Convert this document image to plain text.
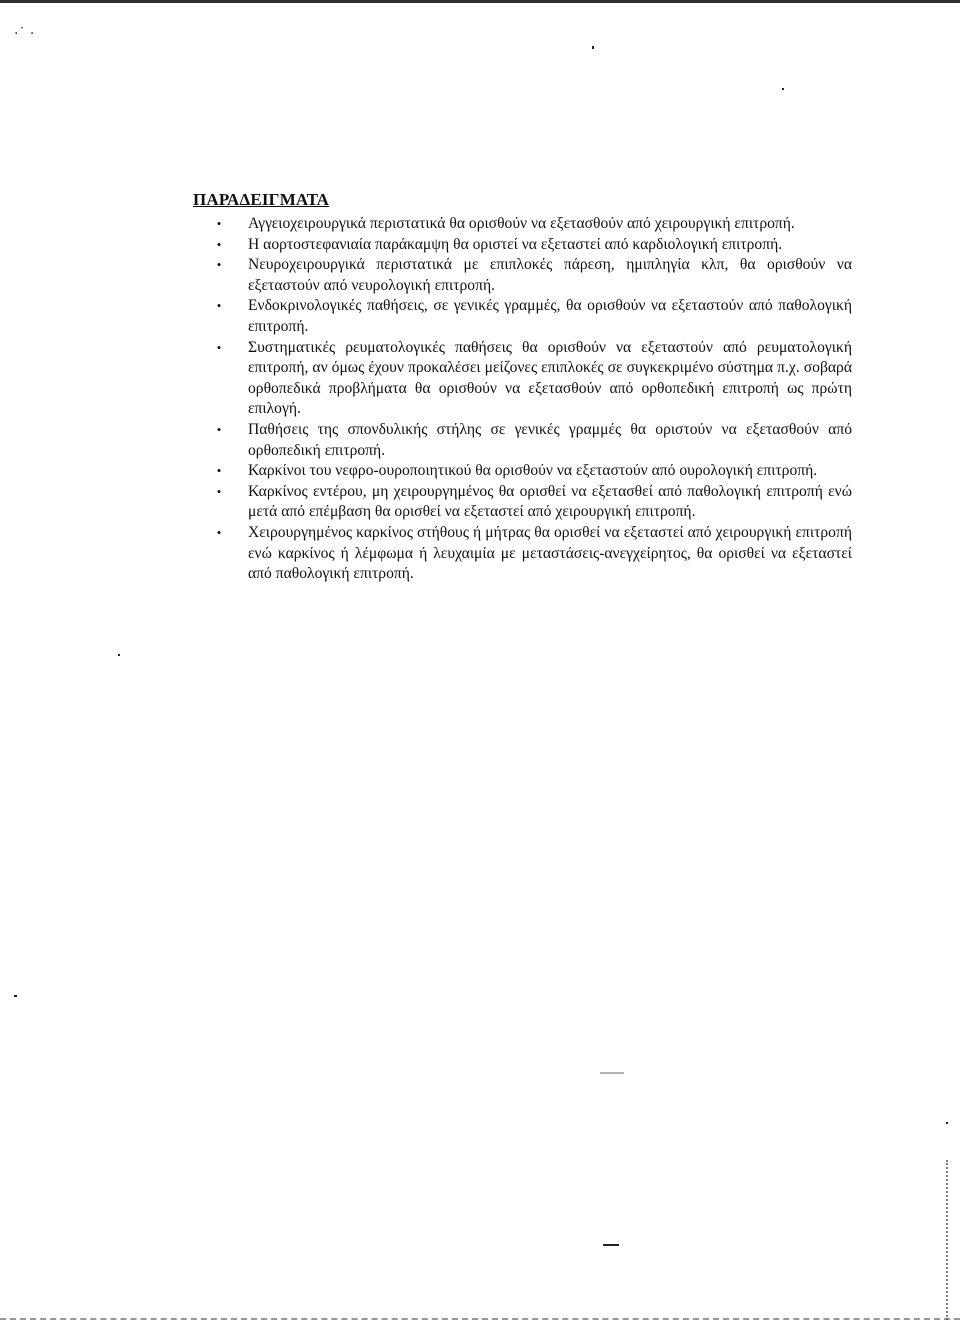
·˙ ·
ΠΑΡΑΔΕΙΓΜΑΤΑ
•	Αγγειοχειρουργικά περιστατικά θα ορισθούν να εξετασθούν από χειρουργική επιτροπή.
•	Η αορτοστεφανιαία παράκαμψη θα οριστεί να εξεταστεί από καρδιολογική επιτροπή.
•	Νευροχειρουργικά περιστατικά με επιπλοκές πάρεση, ημιπληγία κλπ, θα ορισθούν να εξεταστούν από νευρολογική επιτροπή.
•	Ενδοκρινολογικές παθήσεις, σε γενικές γραμμές, θα ορισθούν να εξεταστούν από παθολογική επιτροπή.
•	Συστηματικές ρευματολογικές παθήσεις θα ορισθούν να εξεταστούν από ρευματολογική επιτροπή, αν όμως έχουν προκαλέσει μείζονες επιπλοκές σε συγκεκριμένο σύστημα π.χ. σοβαρά ορθοπεδικά προβλήματα θα ορισθούν να εξετασθούν από ορθοπεδική επιτροπή ως πρώτη επιλογή.
•	Παθήσεις της σπονδυλικής στήλης σε γενικές γραμμές θα οριστούν να εξετασθούν από ορθοπεδική επιτροπή.
•	Καρκίνοι του νεφρο-ουροποιητικού θα ορισθούν να εξεταστούν από ουρολογική επιτροπή.
•	Καρκίνος εντέρου, μη χειρουργημένος θα ορισθεί να εξετασθεί από παθολογική επιτροπή ενώ μετά από επέμβαση θα ορισθεί να εξεταστεί από χειρουργική επιτροπή.
•	Χειρουργημένος καρκίνος στήθους ή μήτρας θα ορισθεί να εξεταστεί από χειρουργική επιτροπή ενώ καρκίνος ή λέμφωμα ή λευχαιμία με μεταστάσεις-ανεγχείρητος, θα ορισθεί να εξεταστεί από παθολογική επιτροπή.
